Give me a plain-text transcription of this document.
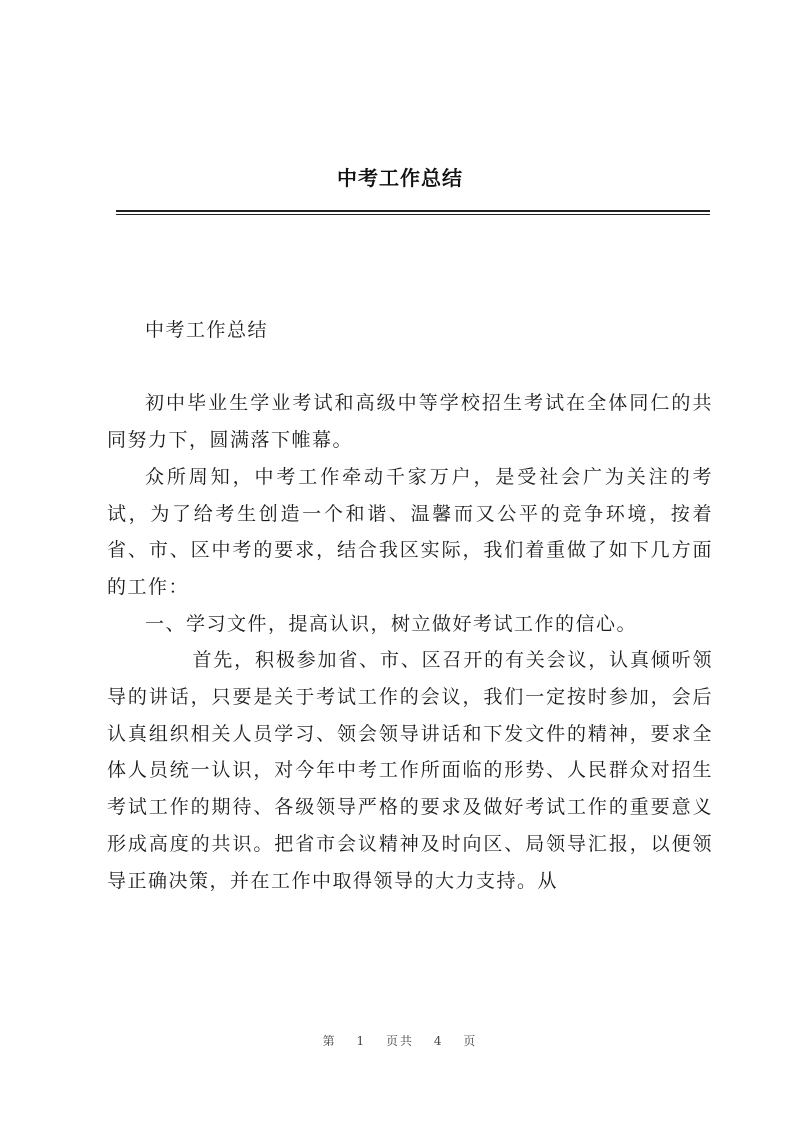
中考工作总结

中考工作总结

初中毕业生学业考试和高级中等学校招生考试在全体同仁的共同努力下，圆满落下帷幕。

众所周知，中考工作牵动千家万户，是受社会广为关注的考试，为了给考生创造一个和谐、温馨而又公平的竞争环境，按着省、市、区中考的要求，结合我区实际，我们着重做了如下几方面的工作：

一、学习文件，提高认识，树立做好考试工作的信心。

首先，积极参加省、市、区召开的有关会议，认真倾听领导的讲话，只要是关于考试工作的会议，我们一定按时参加，会后认真组织相关人员学习、领会领导讲话和下发文件的精神，要求全体人员统一认识，对今年中考工作所面临的形势、人民群众对招生考试工作的期待、各级领导严格的要求及做好考试工作的重要意义形成高度的共识。把省市会议精神及时向区、局领导汇报，以便领导正确决策，并在工作中取得领导的大力支持。从

第 1 页共 4 页
